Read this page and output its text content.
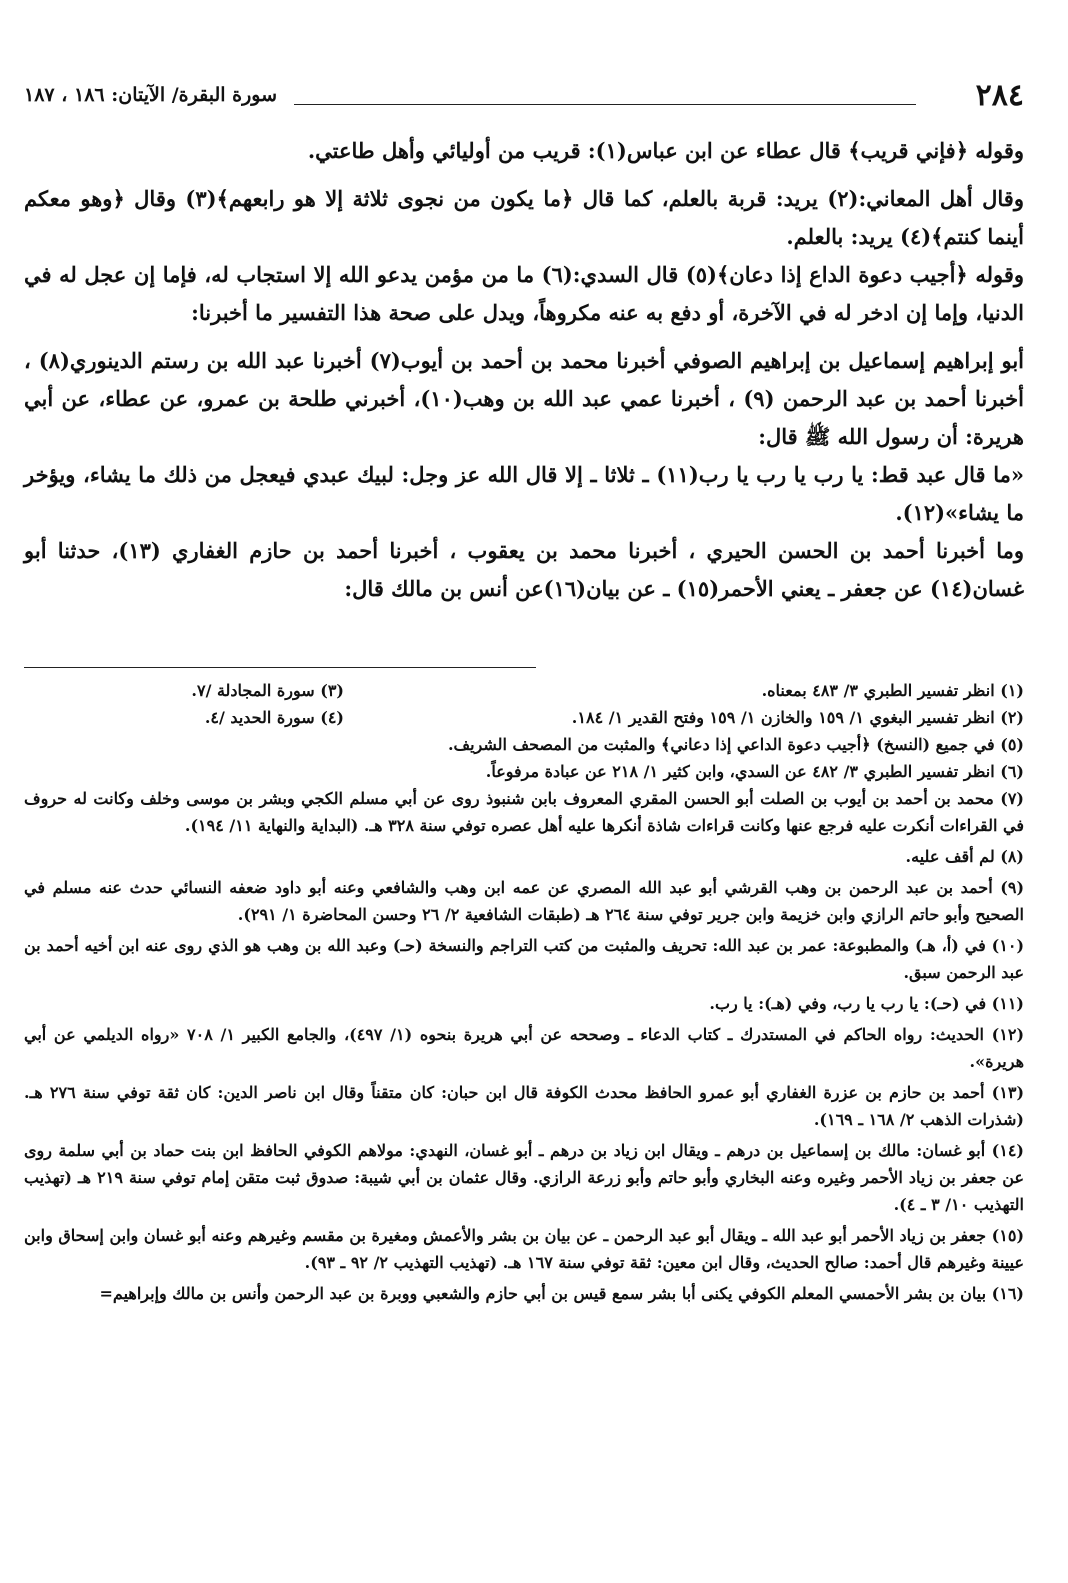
٢٨٤
سورة البقرة/ الآيتان: ١٨٦ ، ١٨٧

وقوله ﴿فإني قريب﴾ قال عطاء عن ابن عباس(١): قريب من أوليائي وأهل طاعتي.

وقال أهل المعاني:(٢) يريد: قربة بالعلم، كما قال ﴿ما يكون من نجوى ثلاثة إلا هو رابعهم﴾(٣) وقال ﴿وهو معكم أينما كنتم﴾(٤) يريد: بالعلم.

وقوله ﴿أجيب دعوة الداع إذا دعان﴾(٥) قال السدي:(٦) ما من مؤمن يدعو الله إلا استجاب له، فإما إن عجل له في الدنيا، وإما إن ادخر له في الآخرة، أو دفع به عنه مكروهاً، ويدل على صحة هذا التفسير ما أخبرنا:

أبو إبراهيم إسماعيل بن إبراهيم الصوفي أخبرنا محمد بن أحمد بن أيوب(٧) أخبرنا عبد الله بن رستم الدينوري(٨) ، أخبرنا أحمد بن عبد الرحمن (٩) ، أخبرنا عمي عبد الله بن وهب(١٠)، أخبرني طلحة بن عمرو، عن عطاء، عن أبي هريرة: أن رسول الله ﷺ قال:

«ما قال عبد قط: يا رب يا رب يا رب(١١) ـ ثلاثا ـ إلا قال الله عز وجل: لبيك عبدي فيعجل من ذلك ما يشاء، ويؤخر ما يشاء»(١٢).

وما أخبرنا أحمد بن الحسن الحيري ، أخبرنا محمد بن يعقوب ، أخبرنا أحمد بن حازم الغفاري (١٣)، حدثنا أبو غسان(١٤) عن جعفر ـ يعني الأحمر(١٥) ـ عن بيان(١٦)عن أنس بن مالك قال:

(١) انظر تفسير الطبري ٣/ ٤٨٣ بمعناه.
(٣) سورة المجادلة /٧.
(٢) انظر تفسير البغوي ١/ ١٥٩ والخازن ١/ ١٥٩ وفتح القدير ١/ ١٨٤.
(٤) سورة الحديد /٤.

(٥) في جميع (النسخ) ﴿أجيب دعوة الداعي إذا دعاني﴾ والمثبت من المصحف الشريف.

(٦) انظر تفسير الطبري ٣/ ٤٨٢ عن السدي، وابن كثير ١/ ٢١٨ عن عبادة مرفوعاً.

(٧) محمد بن أحمد بن أيوب بن الصلت أبو الحسن المقري المعروف بابن شنبوذ روى عن أبي مسلم الكجي وبشر بن موسى وخلف وكانت له حروف في القراءات أنكرت عليه فرجع عنها وكانت قراءات شاذة أنكرها عليه أهل عصره توفي سنة ٣٢٨ هـ. (البداية والنهاية ١١/ ١٩٤).

(٨) لم أقف عليه.

(٩) أحمد بن عبد الرحمن بن وهب القرشي أبو عبد الله المصري عن عمه ابن وهب والشافعي وعنه أبو داود ضعفه النسائي حدث عنه مسلم في الصحيح وأبو حاتم الرازي وابن خزيمة وابن جرير توفي سنة ٢٦٤ هـ (طبقات الشافعية ٢/ ٢٦ وحسن المحاضرة ١/ ٢٩١).

(١٠) في (أ، هـ) والمطبوعة: عمر بن عبد الله: تحريف والمثبت من كتب التراجم والنسخة (حـ) وعبد الله بن وهب هو الذي روى عنه ابن أخيه أحمد بن عبد الرحمن سبق.

(١١) في (حـ): يا رب يا رب، وفي (هـ): يا رب.

(١٢) الحديث: رواه الحاكم في المستدرك ـ كتاب الدعاء ـ وصححه عن أبي هريرة بنحوه (١/ ٤٩٧)، والجامع الكبير ١/ ٧٠٨ «رواه الديلمي عن أبي هريرة».

(١٣) أحمد بن حازم بن عزرة الغفاري أبو عمرو الحافظ محدث الكوفة قال ابن حبان: كان متقناً وقال ابن ناصر الدين: كان ثقة توفي سنة ٢٧٦ هـ. (شذرات الذهب ٢/ ١٦٨ ـ ١٦٩).

(١٤) أبو غسان: مالك بن إسماعيل بن درهم ـ ويقال ابن زياد بن درهم ـ أبو غسان، النهدي: مولاهم الكوفي الحافظ ابن بنت حماد بن أبي سلمة روى عن جعفر بن زياد الأحمر وغيره وعنه البخاري وأبو حاتم وأبو زرعة الرازي. وقال عثمان بن أبي شيبة: صدوق ثبت متقن إمام توفي سنة ٢١٩ هـ (تهذيب التهذيب ١٠/ ٣ ـ ٤).

(١٥) جعفر بن زياد الأحمر أبو عبد الله ـ ويقال أبو عبد الرحمن ـ عن بيان بن بشر والأعمش ومغيرة بن مقسم وغيرهم وعنه أبو غسان وابن إسحاق وابن عيينة وغيرهم قال أحمد: صالح الحديث، وقال ابن معين: ثقة توفي سنة ١٦٧ هـ. (تهذيب التهذيب ٢/ ٩٢ ـ ٩٣).

(١٦) بيان بن بشر الأحمسي المعلم الكوفي يكنى أبا بشر سمع قيس بن أبي حازم والشعبي ووبرة بن عبد الرحمن وأنس بن مالك وإبراهيم=
